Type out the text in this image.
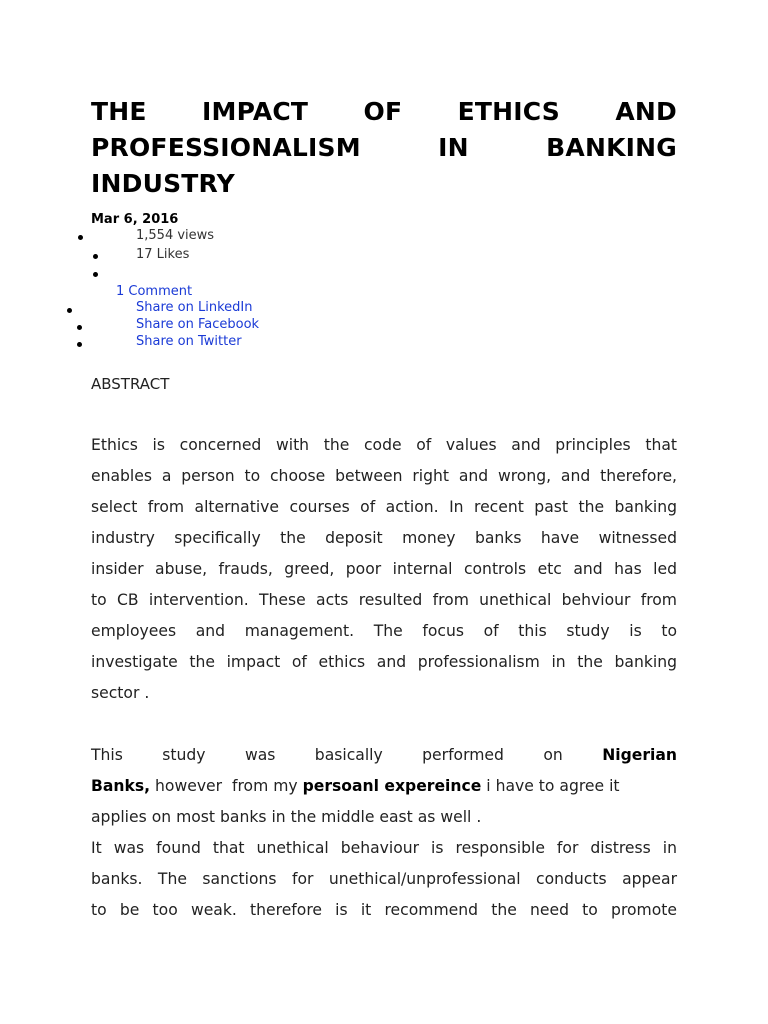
THE IMPACT OF ETHICS AND
PROFESSIONALISM IN BANKING
INDUSTRY
Mar 6, 2016
1,554 views
17 Likes
1 Comment
Share on LinkedIn
Share on Facebook
Share on Twitter
ABSTRACT
Ethics is concerned with the code of values and principles that
enables a person to choose between right and wrong, and therefore,
select from alternative courses of action. In recent past the banking
industry specifically the deposit money banks have witnessed
insider abuse, frauds, greed, poor internal controls etc and has led
to CB intervention. These acts resulted from unethical behviour from
employees and management. The focus of this study is to
investigate the impact of ethics and professionalism in the banking
sector .
This study was basically performed on	Nigerian
Banks, however  from my persoanl expereince i have to agree it
applies on most banks in the middle east as well .
It was found that unethical behaviour is responsible for distress in
banks. The sanctions for unethical/unprofessional conducts appear
to be too weak. therefore is it recommend the need to promote
